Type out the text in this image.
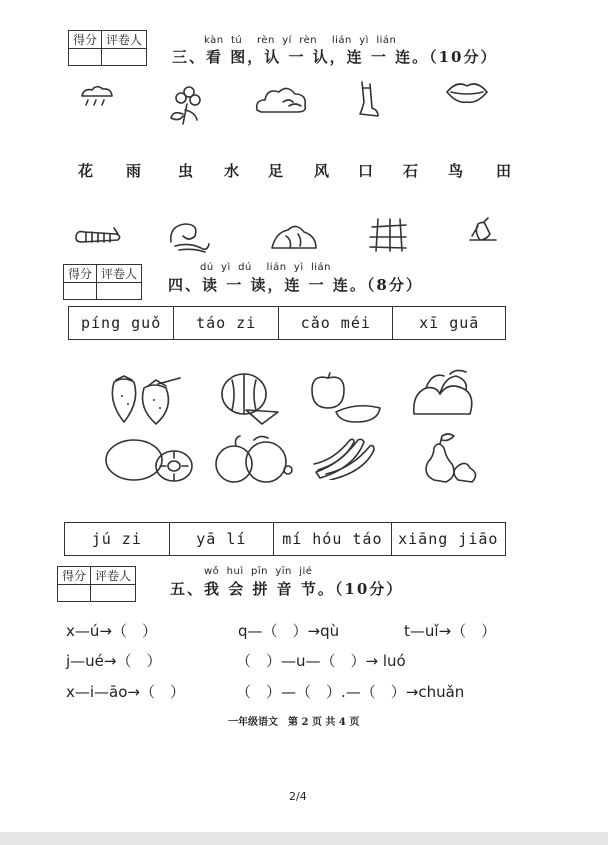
得分	评卷人
		kàn tú rèn yí rèn lián yì lián
三、看 图，认 一 认，连 一 连。（10分）
花 雨 虫 水 足 风 口 石 鸟 田
得分	评卷人
		dú yì dú lián yì lián
四、读 一 读，连 一 连。（8分）
píng guǒ	táo zi	cǎo méi	xī guā
jú zi	yā lí	mí hóu táo	xiāng jiāo
得分	评卷人
		wǒ huì pīn yīn jié
五、我 会 拼 音 节。（10分）
x—ú→（　）	q—（　）→qù	t—uǐ→（　）
j—ué→（　）	（　）—u—（　）→ luó
x—i—āo→（　）	（　）—（　）.—（　）→chuǎn
一年级语文　第 2 页 共 4 页
2/4
